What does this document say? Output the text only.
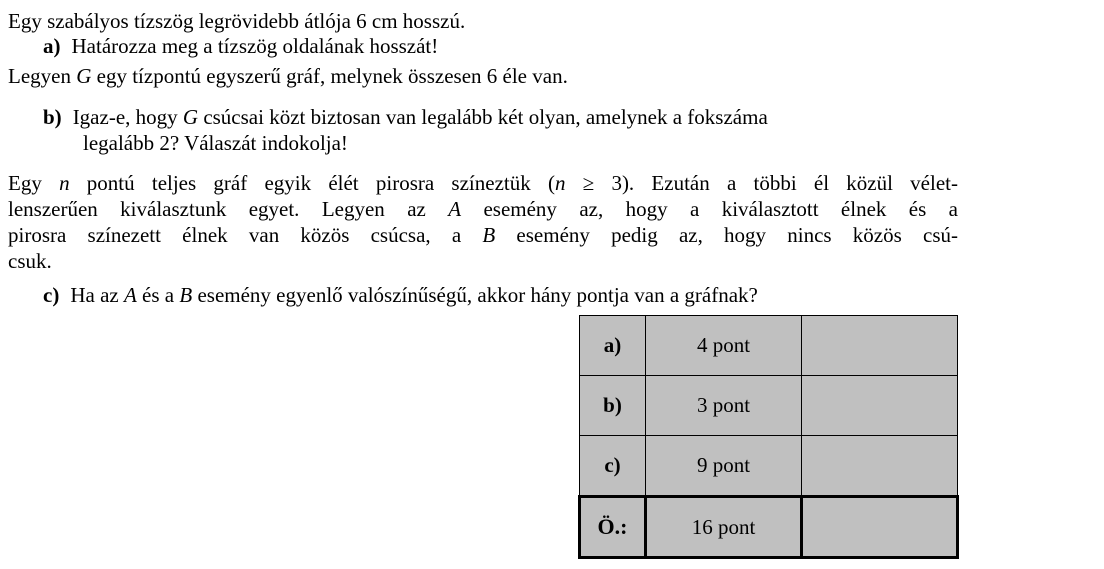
Egy szabályos tízszög legrövidebb átlója 6 cm hosszú.
a) Határozza meg a tízszög oldalának hosszát!
Legyen G egy tízpontú egyszerű gráf, melynek összesen 6 éle van.
b) Igaz-e, hogy G csúcsai közt biztosan van legalább két olyan, amelynek a fokszáma
legalább 2? Válaszát indokolja!
Egy n pontú teljes gráf egyik élét pirosra színeztük (n ≥ 3). Ezután a többi él közül vélet-
lenszerűen kiválasztunk egyet. Legyen az A esemény az, hogy a kiválasztott élnek és a
pirosra színezett élnek van közös csúcsa, a B esemény pedig az, hogy nincs közös csú-
csuk.
c) Ha az A és a B esemény egyenlő valószínűségű, akkor hány pontja van a gráfnak?
a)	4 pont	
b)	3 pont	
c)	9 pont	
Ö.:	16 pont	
